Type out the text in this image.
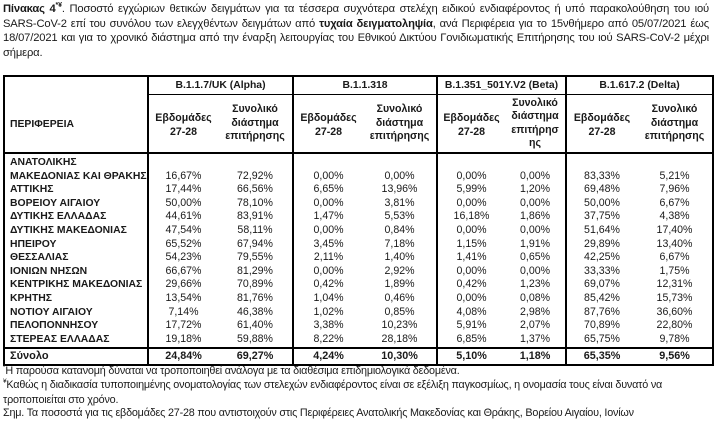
Πίνακας 4*¥. Ποσοστό εγχώριων θετικών δειγμάτων για τα τέσσερα συχνότερα στελέχη ειδικού ενδιαφέροντος ή υπό παρακολούθηση του ιού SARS-CoV-2 επί του συνόλου των ελεγχθέντων δειγμάτων από τυχαία δειγματοληψία, ανά Περιφέρεια για το 15νθήμερο από 05/07/2021 έως 18/07/2021 και για το χρονικό διάστημα από την έναρξη λειτουργίας του Εθνικού Δικτύου Γονιδιωματικής Επιτήρησης του ιού SARS-CoV-2 μέχρι σήμερα.
ΠΕΡΙΦΕΡΕΙΑ	B.1.1.7/UK (Alpha)		B.1.1.318		B.1.351_501Y.V2 (Beta)		B.1.617.2 (Delta)	
	Εβδομάδες 27-28	Συνολικό διάστημα επιτήρησης	Εβδομάδες 27-28	Συνολικό διάστημα επιτήρησης	Εβδομάδες 27-28	Συνολικό διάστημα επιτήρησ ης	Εβδομάδες 27-28	Συνολικό διάστημα επιτήρησης
ΑΝΑΤΟΛΙΚΗΣ								
ΜΑΚΕΔΟΝΙΑΣ ΚΑΙ ΘΡΑΚΗΣ	16,67%	72,92%	0,00%	0,00%	0,00%	0,00%	83,33%	5,21%
ΑΤΤΙΚΗΣ	17,44%	66,56%	6,65%	13,96%	5,99%	1,20%	69,48%	7,96%
ΒΟΡΕΙΟΥ ΑΙΓΑΙΟΥ	50,00%	78,10%	0,00%	3,81%	0,00%	0,00%	50,00%	6,67%
ΔΥΤΙΚΗΣ ΕΛΛΑΔΑΣ	44,61%	83,91%	1,47%	5,53%	16,18%	1,86%	37,75%	4,38%
ΔΥΤΙΚΗΣ ΜΑΚΕΔΟΝΙΑΣ	47,54%	58,11%	0,00%	0,84%	0,00%	0,00%	51,64%	17,40%
ΗΠΕΙΡΟΥ	65,52%	67,94%	3,45%	7,18%	1,15%	1,91%	29,89%	13,40%
ΘΕΣΣΑΛΙΑΣ	54,23%	79,55%	2,11%	1,40%	1,41%	0,65%	42,25%	6,67%
ΙΟΝΙΩΝ ΝΗΣΩΝ	66,67%	81,29%	0,00%	2,92%	0,00%	0,00%	33,33%	1,75%
ΚΕΝΤΡΙΚΗΣ ΜΑΚΕΔΟΝΙΑΣ	29,66%	70,89%	0,42%	1,89%	0,42%	1,23%	69,07%	12,31%
ΚΡΗΤΗΣ	13,54%	81,76%	1,04%	0,46%	0,00%	0,08%	85,42%	15,73%
ΝΟΤΙΟΥ ΑΙΓΑΙΟΥ	7,14%	46,38%	1,02%	0,85%	4,08%	2,98%	87,76%	36,60%
ΠΕΛΟΠΟΝΝΗΣΟΥ	17,72%	61,40%	3,38%	10,23%	5,91%	2,07%	70,89%	22,80%
ΣΤΕΡΕΑΣ ΕΛΛΑΔΑΣ	19,18%	59,88%	8,22%	28,18%	6,85%	1,37%	65,75%	9,78%
Σύνολο	24,84%	69,27%	4,24%	10,30%	5,10%	1,18%	65,35%	9,56%
*Η παρούσα κατανομή δύναται να τροποποιηθεί ανάλογα με τα διαθέσιμα επιδημιολογικά δεδομένα.
¥Καθώς η διαδικασία τυποποιημένης ονοματολογίας των στελεχών ενδιαφέροντος είναι σε εξέλιξη παγκοσμίως, η ονομασία τους είναι δυνατό να τροποποιείται στο χρόνο.
Σημ. Τα ποσοστά για τις εβδομάδες 27-28 που αντιστοιχούν στις Περιφέρειες Ανατολικής Μακεδονίας και Θράκης, Βορείου Αιγαίου, Ιονίων
